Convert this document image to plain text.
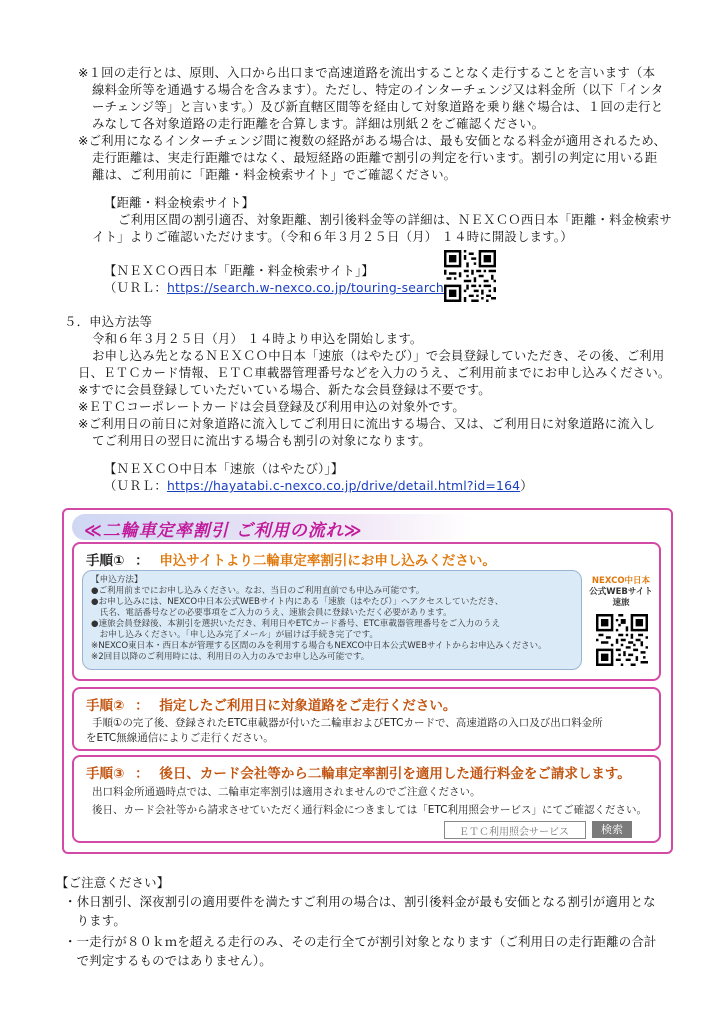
※１回の走行とは、原則、入口から出口まで高速道路を流出することなく走行することを言います（本
線料金所等を通過する場合を含みます）。ただし、特定のインターチェンジ又は料金所（以下「インタ
ーチェンジ等」と言います。）及び新直轄区間等を経由して対象道路を乗り継ぐ場合は、１回の走行と
みなして各対象道路の走行距離を合算します。詳細は別紙２をご確認ください。
※ご利用になるインターチェンジ間に複数の経路がある場合は、最も安価となる料金が適用されるため、
走行距離は、実走行距離ではなく、最短経路の距離で割引の判定を行います。割引の判定に用いる距
離は、ご利用前に「距離・料金検索サイト」でご確認ください。
【距離・料金検索サイト】
ご利用区間の割引適否、対象距離、割引後料金等の詳細は、ＮＥＸＣＯ西日本「距離・料金検索サ
イト」よりご確認いただけます。（令和６年３月２５日（月） １４時に開設します。）
【ＮＥＸＣＯ西日本「距離・料金検索サイト」】
（ＵＲＬ：https://search.w-nexco.co.jp/touring-search
５．申込方法等
令和６年３月２５日（月） １４時より申込を開始します。
お申し込み先となるＮＥＸＣＯ中日本「速旅（はやたび）」で会員登録していただき、その後、ご利用
日、ＥＴＣカード情報、ＥＴＣ車載器管理番号などを入力のうえ、ご利用前までにお申し込みください。
※すでに会員登録していただいている場合、新たな会員登録は不要です。
※ＥＴＣコーポレートカードは会員登録及び利用申込の対象外です。
※ご利用日の前日に対象道路に流入してご利用日に流出する場合、又は、ご利用日に対象道路に流入し
てご利用日の翌日に流出する場合も割引の対象になります。
【ＮＥＸＣＯ中日本「速旅（はやたび）」】
（ＵＲＬ：https://hayatabi.c-nexco.co.jp/drive/detail.html?id=164）
≪二輪車定率割引 ご利用の流れ≫
手順① ： 申込サイトより二輪車定率割引にお申し込みください。
【申込方法】
●ご利用前までにお申し込みください。なお、当日のご利用直前でも申込み可能です。
●お申し込みには、NEXCO中日本公式WEBサイト内にある「速旅（はやたび）」へアクセスしていただき、
　氏名、電話番号などの必要事項をご入力のうえ、速旅会員に登録いただく必要があります。
●速旅会員登録後、本割引を選択いただき、利用日やETCカード番号、ETC車載器管理番号をご入力のうえ
　お申し込みください。「申し込み完了メール」が届けば手続き完了です。
※NEXCO東日本・西日本が管理する区間のみを利用する場合もNEXCO中日本公式WEBサイトからお申込みください。
※2回目以降のご利用時には、利用日の入力のみでお申し込み可能です。
NEXCO中日本
公式WEBサイト
速旅
手順② ： 指定したご利用日に対象道路をご走行ください。
手順①の完了後、登録されたETC車載器が付いた二輪車およびETCカードで、高速道路の入口及び出口料金所
をETC無線通信によりご走行ください。
手順③ ： 後日、カード会社等から二輪車定率割引を適用した通行料金をご請求します。
出口料金所通過時点では、二輪車定率割引は適用されませんのでご注意ください。
後日、カード会社等から請求させていただく通行料金につきましては「ETC利用照会サービス」にてご確認ください。
ＥＴＣ利用照会サービス	検索
【ご注意ください】
・休日割引、深夜割引の適用要件を満たすご利用の場合は、割引後料金が最も安価となる割引が適用とな
　ります。
・一走行が８０ｋｍを超える走行のみ、その走行全てが割引対象となります（ご利用日の走行距離の合計
　で判定するものではありません）。
